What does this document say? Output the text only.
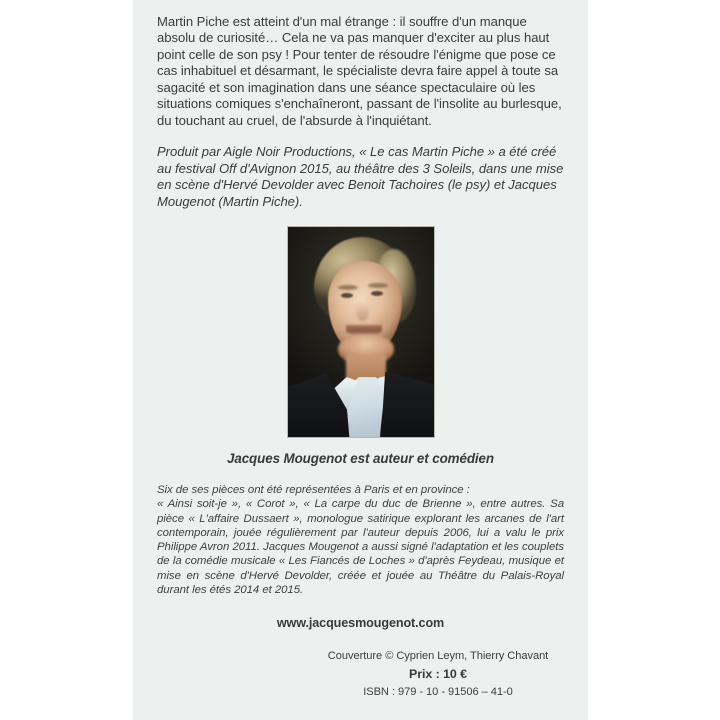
Martin Piche est atteint d'un mal étrange : il souffre d'un manque absolu de curiosité… Cela ne va pas manquer d'exciter au plus haut point celle de son psy ! Pour tenter de résoudre l'énigme que pose ce cas inhabituel et désarmant, le spécialiste devra faire appel à toute sa sagacité et son imagination dans une séance spectaculaire où les situations comiques s'enchaîneront, passant de l'insolite au burlesque, du touchant au cruel, de l'absurde à l'inquiétant.

Produit par Aigle Noir Productions, « Le cas Martin Piche » a été créé au festival Off d'Avignon 2015, au théâtre des 3 Soleils, dans une mise en scène d'Hervé Devolder avec Benoit Tachoires (le psy) et Jacques Mougenot (Martin Piche).

Jacques Mougenot est auteur et comédien

Six de ses pièces ont été représentées à Paris et en province :
« Ainsi soit-je », « Corot », « La carpe du duc de Brienne », entre autres. Sa pièce « L'affaire Dussaert », monologue satirique explorant les arcanes de l'art contemporain, jouée régulièrement par l'auteur depuis 2006, lui a valu le prix Philippe Avron 2011. Jacques Mougenot a aussi signé l'adaptation et les couplets de la comédie musicale « Les Fiancés de Loches » d'après Feydeau, musique et mise en scène d'Hervé Devolder, créée et jouée au Théâtre du Palais-Royal durant les étés 2014 et 2015.

www.jacquesmougenot.com

Couverture © Cyprien Leym, Thierry Chavant

Prix : 10 €

ISBN : 979 - 10 - 91506 – 41-0
